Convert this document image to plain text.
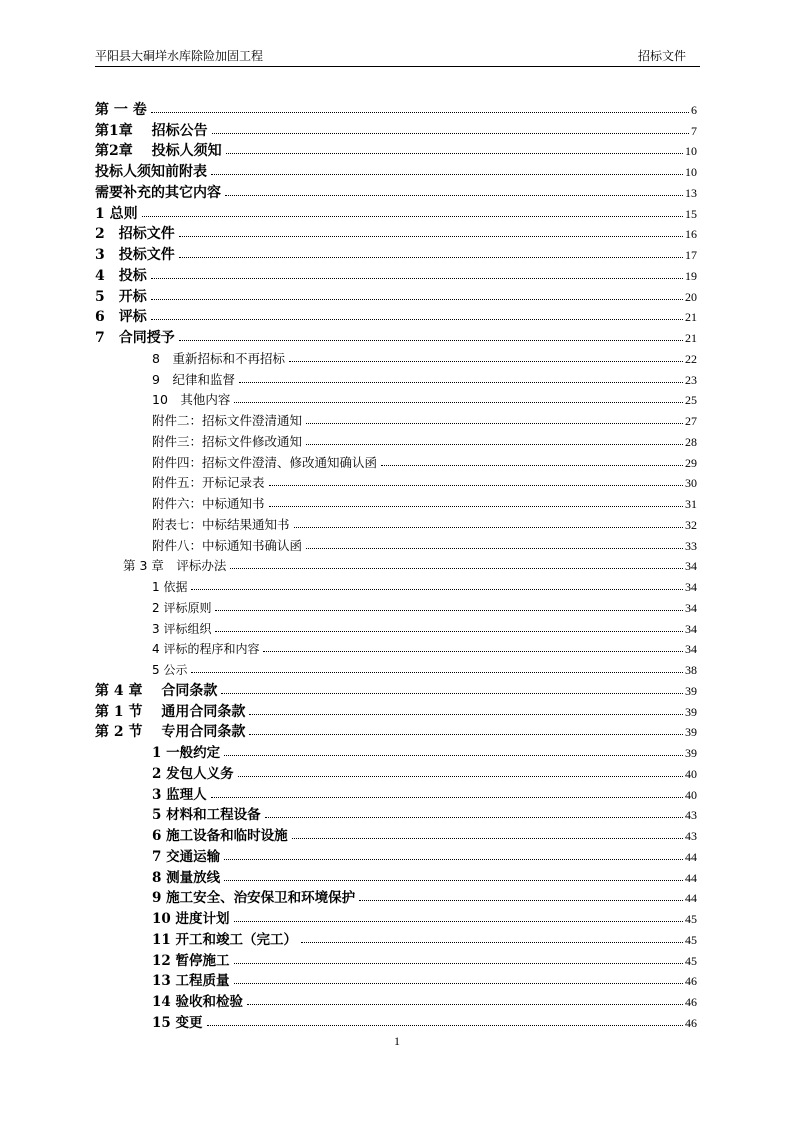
平阳县大硐垟水库除险加固工程	招标文件
第 一 卷	6
第1章　 招标公告	7
第2章　 投标人须知	10
投标人须知前附表	10
需要补充的其它内容	13
1 总则	15
2　招标文件	16
3　投标文件	17
4　投标	19
5　开标	20
6　评标	21
7　合同授予	21
8　重新招标和不再招标	22
9　纪律和监督	23
10　其他内容	25
附件二：招标文件澄清通知	27
附件三：招标文件修改通知	28
附件四：招标文件澄清、修改通知确认函	29
附件五：开标记录表	30
附件六：中标通知书	31
附表七：中标结果通知书	32
附件八：中标通知书确认函	33
第 3 章　评标办法	34
1 依据	34
2 评标原则	34
3 评标组织	34
4 评标的程序和内容	34
5 公示	38
第 4 章　 合同条款	39
第 1 节　 通用合同条款	39
第 2 节　 专用合同条款	39
1 一般约定	39
2 发包人义务	40
3 监理人	40
5 材料和工程设备	43
6 施工设备和临时设施	43
7 交通运输	44
8 测量放线	44
9 施工安全、治安保卫和环境保护	44
10 进度计划	45
11 开工和竣工（完工）	45
12 暂停施工	45
13 工程质量	46
14 验收和检验	46
15 变更	46
1
